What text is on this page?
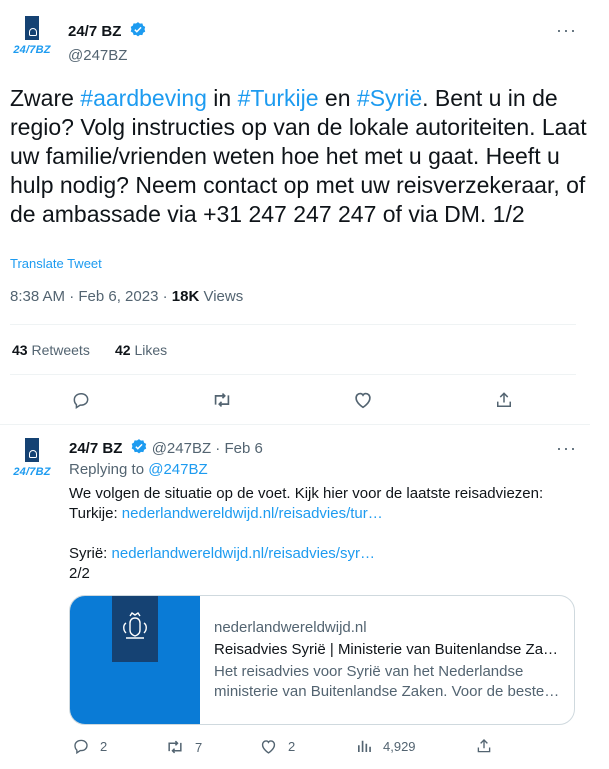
24/7BZ
24/7 BZ
@247BZ
···
Zware #aardbeving in #Turkije en #Syrië. Bent u in de regio? Volg instructies op van de lokale autoriteiten. Laat uw familie/vrienden weten hoe het met u gaat. Heeft u hulp nodig? Neem contact op met uw reisverzekeraar, of de ambassade via +31 247 247 247 of via DM. 1/2
Translate Tweet
8:38 AM · Feb 6, 2023 · 18K Views
43 Retweets 42 Likes
24/7BZ
24/7 BZ @247BZ · Feb 6	···
Replying to @247BZ
We volgen de situatie op de voet. Kijk hier voor de laatste reisadviezen:
Turkije: nederlandwereldwijd.nl/reisadvies/tur…
Syrië: nederlandwereldwijd.nl/reisadvies/syr…
2/2
nederlandwereldwijd.nl
Reisadvies Syrië | Ministerie van Buitenlandse Za…
Het reisadvies voor Syrië van het Nederlandse
ministerie van Buitenlandse Zaken. Voor de beste…
2	7	2	4,929
